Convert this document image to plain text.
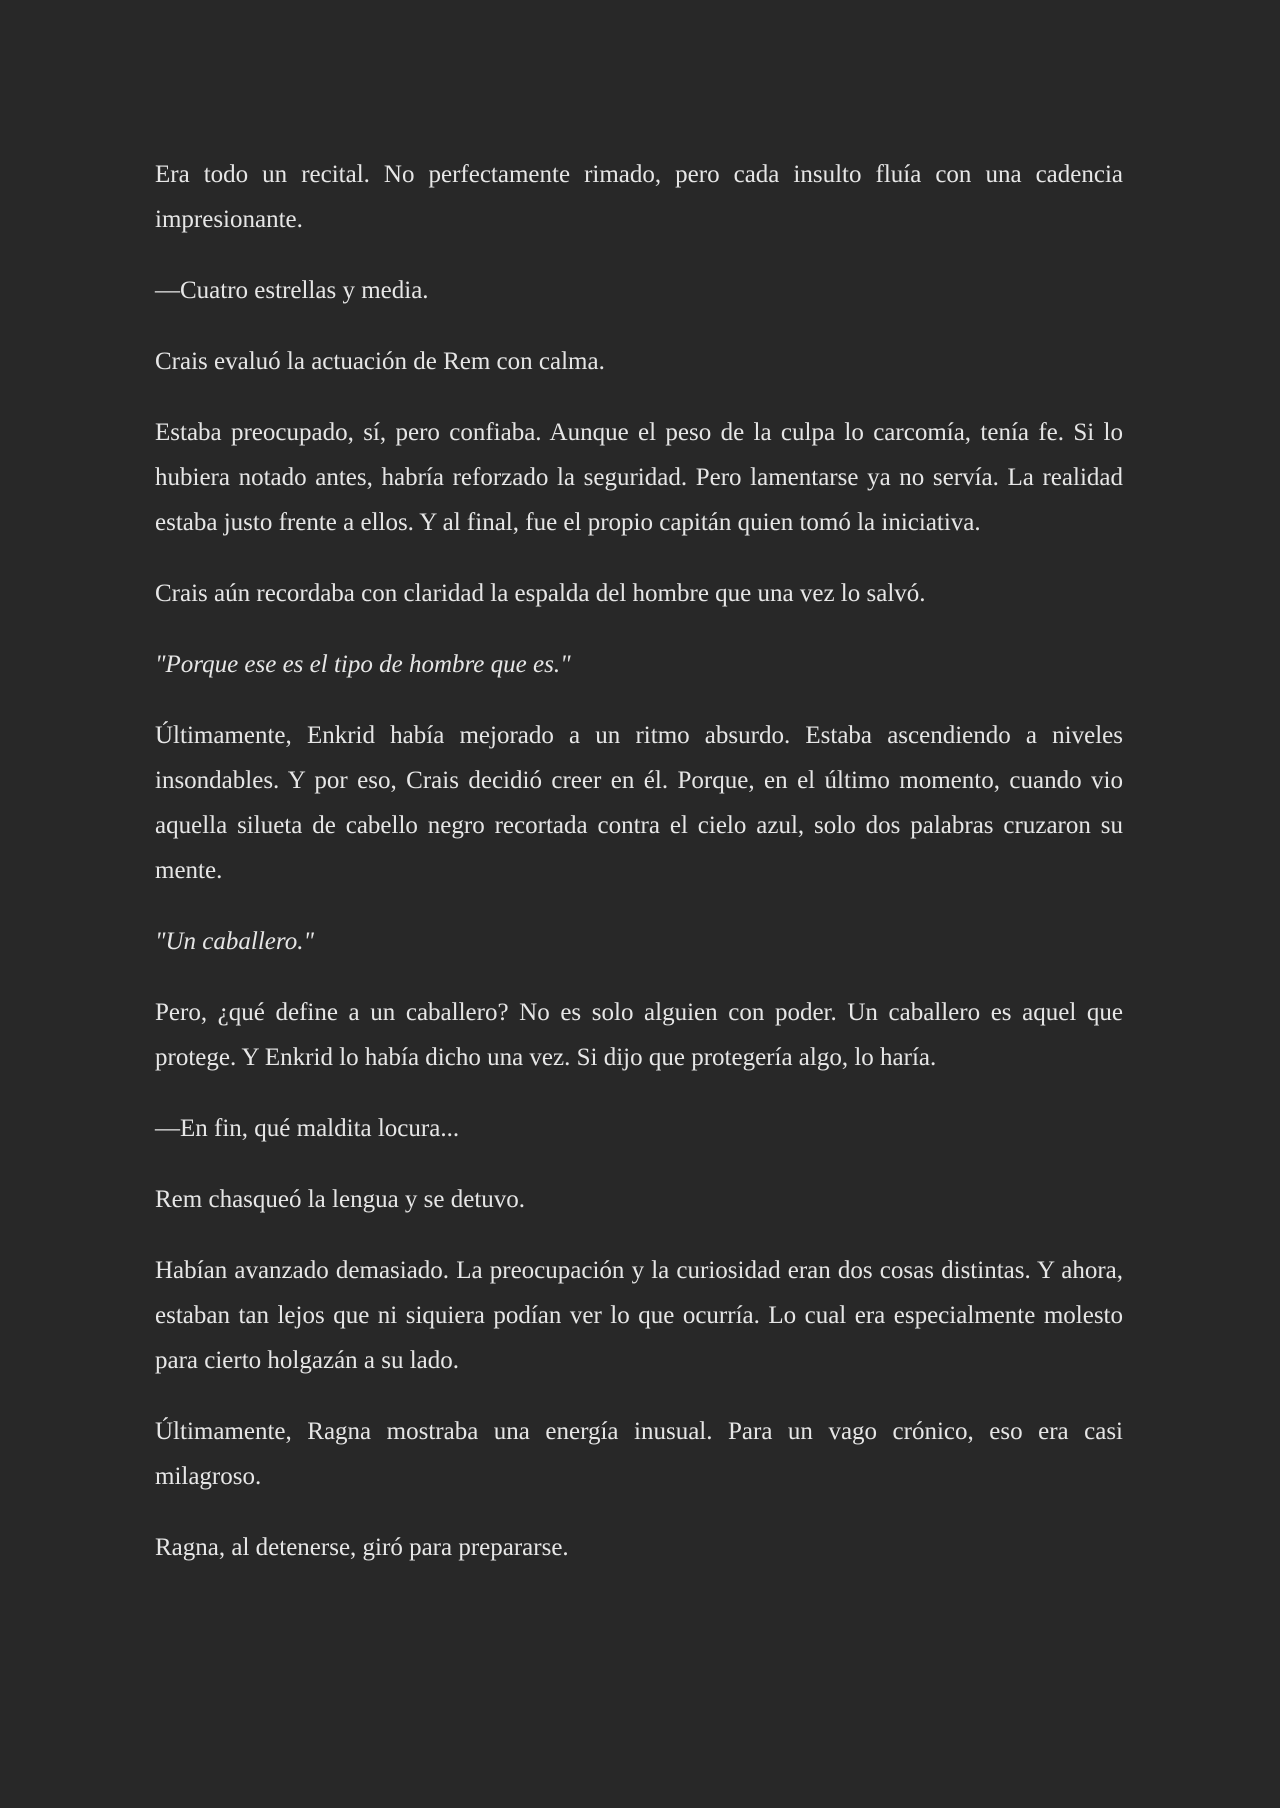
Era todo un recital. No perfectamente rimado, pero cada insulto fluía con una cadencia impresionante.

—Cuatro estrellas y media.

Crais evaluó la actuación de Rem con calma.

Estaba preocupado, sí, pero confiaba. Aunque el peso de la culpa lo carcomía, tenía fe. Si lo hubiera notado antes, habría reforzado la seguridad. Pero lamentarse ya no servía. La realidad estaba justo frente a ellos. Y al final, fue el propio capitán quien tomó la iniciativa.

Crais aún recordaba con claridad la espalda del hombre que una vez lo salvó.

"Porque ese es el tipo de hombre que es."

Últimamente, Enkrid había mejorado a un ritmo absurdo. Estaba ascendiendo a niveles insondables. Y por eso, Crais decidió creer en él. Porque, en el último momento, cuando vio aquella silueta de cabello negro recortada contra el cielo azul, solo dos palabras cruzaron su mente.

"Un caballero."

Pero, ¿qué define a un caballero? No es solo alguien con poder. Un caballero es aquel que protege. Y Enkrid lo había dicho una vez. Si dijo que protegería algo, lo haría.

—En fin, qué maldita locura...

Rem chasqueó la lengua y se detuvo.

Habían avanzado demasiado. La preocupación y la curiosidad eran dos cosas distintas. Y ahora, estaban tan lejos que ni siquiera podían ver lo que ocurría. Lo cual era especialmente molesto para cierto holgazán a su lado.

Últimamente, Ragna mostraba una energía inusual. Para un vago crónico, eso era casi milagroso.

Ragna, al detenerse, giró para prepararse.
